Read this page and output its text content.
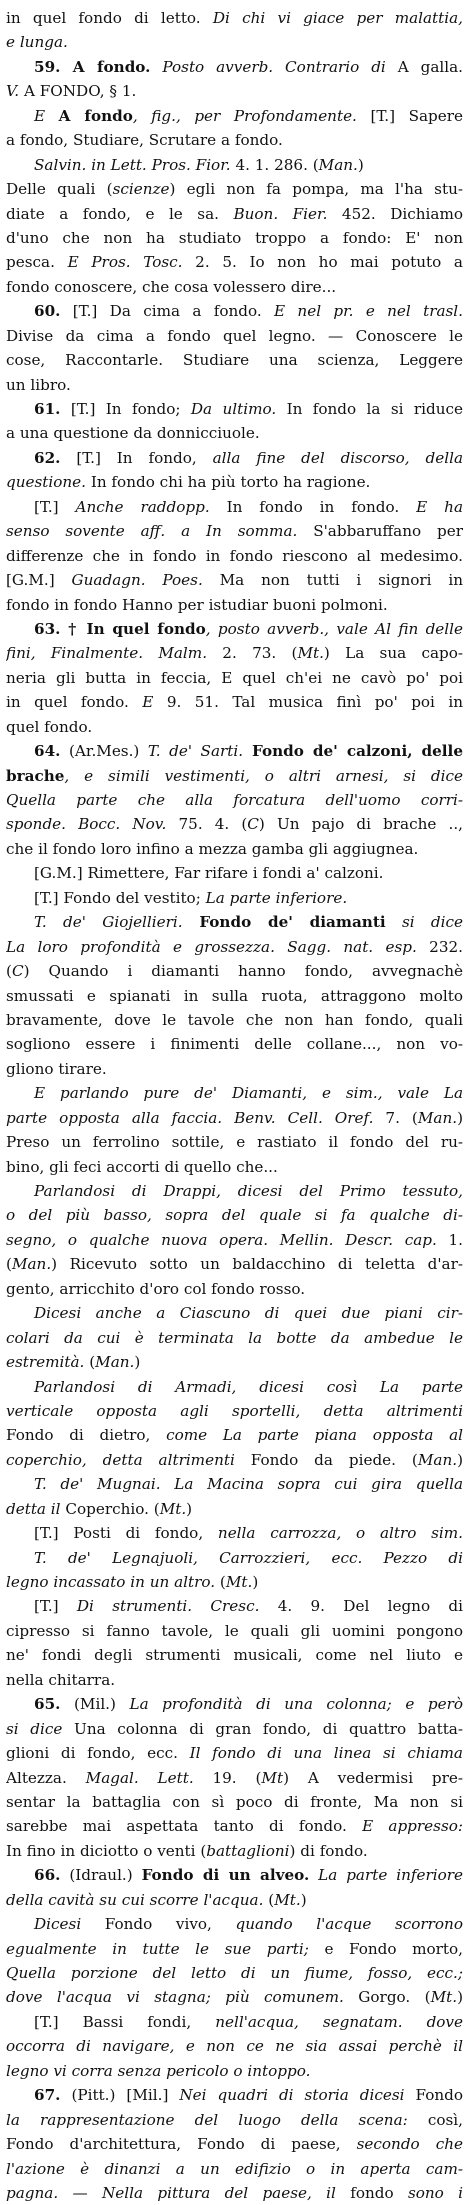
in quel fondo di letto. Di chi vi giace per malattia,
e lunga.
59. A fondo. Posto avverb. Contrario di A galla.
V. A FONDO, § 1.
E A fondo, fig., per Profondamente. [T.] Sapere
a fondo, Studiare, Scrutare a fondo.
Salvin. in Lett. Pros. Fior. 4. 1. 286. (Man.)
Delle quali (scienze) egli non fa pompa, ma l'ha stu-
diate a fondo, e le sa. Buon. Fier. 452. Dichiamo
d'uno che non ha studiato troppo a fondo: E' non
pesca. E Pros. Tosc. 2. 5. Io non ho mai potuto a
fondo conoscere, che cosa volessero dire...
60. [T.] Da cima a fondo. E nel pr. e nel trasl.
Divise da cima a fondo quel legno. — Conoscere le
cose, Raccontarle. Studiare una scienza, Leggere
un libro.
61. [T.] In fondo; Da ultimo. In fondo la si riduce
a una questione da donnicciuole.
62. [T.] In fondo, alla fine del discorso, della
questione. In fondo chi ha più torto ha ragione.
[T.] Anche raddopp. In fondo in fondo. E ha
senso sovente aff. a In somma. S'abbaruffano per
differenze che in fondo in fondo riescono al medesimo.
[G.M.] Guadagn. Poes. Ma non tutti i signori in
fondo in fondo Hanno per istudiar buoni polmoni.
63. † In quel fondo, posto avverb., vale Al fin delle
fini, Finalmente. Malm. 2. 73. (Mt.) La sua capo-
neria gli butta in feccia, E quel ch'ei ne cavò po' poi
in quel fondo. E 9. 51. Tal musica finì po' poi in
quel fondo.
64. (Ar.Mes.) T. de' Sarti. Fondo de' calzoni, delle
brache, e simili vestimenti, o altri arnesi, si dice
Quella parte che alla forcatura dell'uomo corri-
sponde. Bocc. Nov. 75. 4. (C) Un pajo di brache ..,
che il fondo loro infino a mezza gamba gli aggiugnea.
[G.M.] Rimettere, Far rifare i fondi a' calzoni.
[T.] Fondo del vestito; La parte inferiore.
T. de' Giojellieri. Fondo de' diamanti si dice
La loro profondità e grossezza. Sagg. nat. esp. 232.
(C) Quando i diamanti hanno fondo, avvegnachè
smussati e spianati in sulla ruota, attraggono molto
bravamente, dove le tavole che non han fondo, quali
sogliono essere i finimenti delle collane..., non vo-
gliono tirare.
E parlando pure de' Diamanti, e sim., vale La
parte opposta alla faccia. Benv. Cell. Oref. 7. (Man.)
Preso un ferrolino sottile, e rastiato il fondo del ru-
bino, gli feci accorti di quello che...
Parlandosi di Drappi, dicesi del Primo tessuto,
o del più basso, sopra del quale si fa qualche di-
segno, o qualche nuova opera. Mellin. Descr. cap. 1.
(Man.) Ricevuto sotto un baldacchino di teletta d'ar-
gento, arricchito d'oro col fondo rosso.
Dicesi anche a Ciascuno di quei due piani cir-
colari da cui è terminata la botte da ambedue le
estremità. (Man.)
Parlandosi di Armadi, dicesi così La parte
verticale opposta agli sportelli, detta altrimenti
Fondo di dietro, come La parte piana opposta al
coperchio, detta altrimenti Fondo da piede. (Man.)
T. de' Mugnai. La Macina sopra cui gira quella
detta il Coperchio. (Mt.)
[T.] Posti di fondo, nella carrozza, o altro sim.
T. de' Legnajuoli, Carrozzieri, ecc. Pezzo di
legno incassato in un altro. (Mt.)
[T.] Di strumenti. Cresc. 4. 9. Del legno di
cipresso si fanno tavole, le quali gli uomini pongono
ne' fondi degli strumenti musicali, come nel liuto e
nella chitarra.
65. (Mil.) La profondità di una colonna; e però
si dice Una colonna di gran fondo, di quattro batta-
glioni di fondo, ecc. Il fondo di una linea si chiama
Altezza. Magal. Lett. 19. (Mt) A vedermisi pre-
sentar la battaglia con sì poco di fronte, Ma non si
sarebbe mai aspettata tanto di fondo. E appresso:
In fino in diciotto o venti (battaglioni) di fondo.
66. (Idraul.) Fondo di un alveo. La parte inferiore
della cavità su cui scorre l'acqua. (Mt.)
Dicesi Fondo vivo, quando l'acque scorrono
egualmente in tutte le sue parti; e Fondo morto,
Quella porzione del letto di un fiume, fosso, ecc.;
dove l'acqua vi stagna; più comunem. Gorgo. (Mt.)
[T.] Bassi fondi, nell'acqua, segnatam. dove
occorra di navigare, e non ce ne sia assai perchè il
legno vi corra senza pericolo o intoppo.
67. (Pitt.) [Mil.] Nei quadri di storia dicesi Fondo
la rappresentazione del luogo della scena: così,
Fondo d'architettura, Fondo di paese, secondo che
l'azione è dinanzi a un edifizio o in aperta cam-
pagna. — Nella pittura del paese, il fondo sono i
